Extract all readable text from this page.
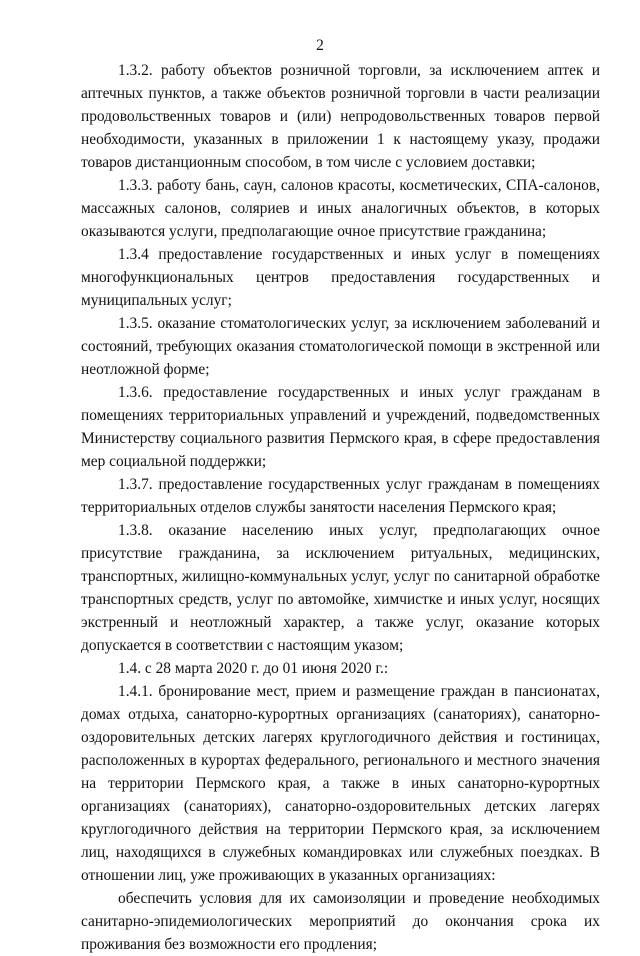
2

1.3.2. работу объектов розничной торговли, за исключением аптек и аптечных пунктов, а также объектов розничной торговли в части реализации продовольственных товаров и (или) непродовольственных товаров первой необходимости, указанных в приложении 1 к настоящему указу, продажи товаров дистанционным способом, в том числе с условием доставки;

1.3.3. работу бань, саун, салонов красоты, косметических, СПА-салонов, массажных салонов, соляриев и иных аналогичных объектов, в которых оказываются услуги, предполагающие очное присутствие гражданина;

1.3.4 предоставление государственных и иных услуг в помещениях многофункциональных центров предоставления государственных и муниципальных услуг;

1.3.5. оказание стоматологических услуг, за исключением заболеваний и состояний, требующих оказания стоматологической помощи в экстренной или неотложной форме;

1.3.6. предоставление государственных и иных услуг гражданам в помещениях территориальных управлений и учреждений, подведомственных Министерству социального развития Пермского края, в сфере предоставления мер социальной поддержки;

1.3.7. предоставление государственных услуг гражданам в помещениях территориальных отделов службы занятости населения Пермского края;

1.3.8. оказание населению иных услуг, предполагающих очное присутствие гражданина, за исключением ритуальных, медицинских, транспортных, жилищно-коммунальных услуг, услуг по санитарной обработке транспортных средств, услуг по автомойке, химчистке и иных услуг, носящих экстренный и неотложный характер, а также услуг, оказание которых допускается в соответствии с настоящим указом;

1.4. с 28 марта 2020 г. до 01 июня 2020 г.:

1.4.1. бронирование мест, прием и размещение граждан в пансионатах, домах отдыха, санаторно-курортных организациях (санаториях), санаторно-оздоровительных детских лагерях круглогодичного действия и гостиницах, расположенных в курортах федерального, регионального и местного значения на территории Пермского края, а также в иных санаторно-курортных организациях (санаториях), санаторно-оздоровительных детских лагерях круглогодичного действия на территории Пермского края, за исключением лиц, находящихся в служебных командировках или служебных поездках. В отношении лиц, уже проживающих в указанных организациях:

обеспечить условия для их самоизоляции и проведение необходимых санитарно-эпидемиологических мероприятий до окончания срока их проживания без возможности его продления;
